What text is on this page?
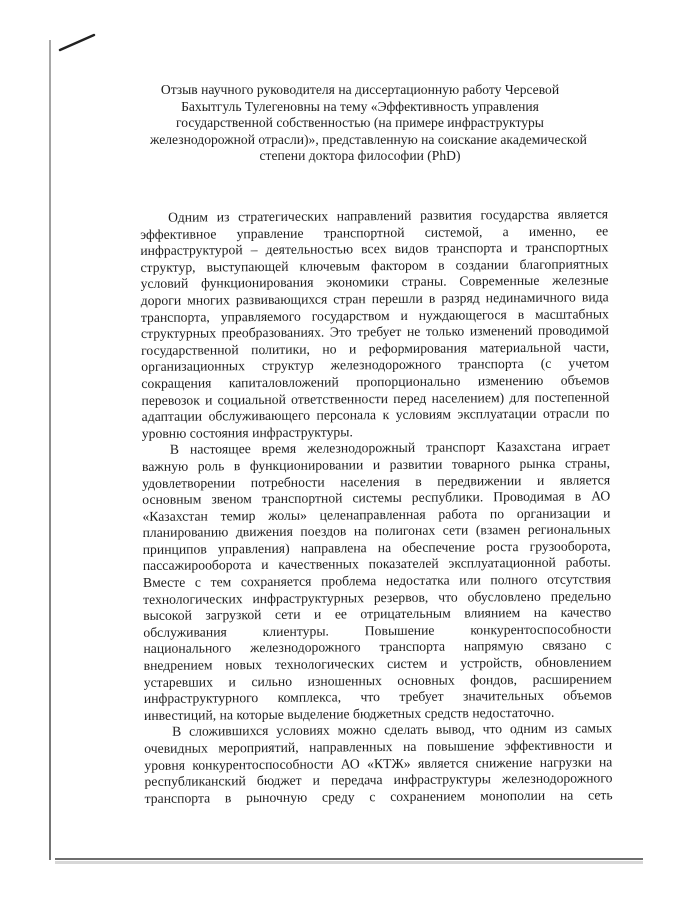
Отзыв научного руководителя на диссертационную работу Черсевой
Бахытгуль Тулегеновны на тему «Эффективность управления
государственной собственностью (на примере инфраструктуры
железнодорожной отрасли)», представленную на соискание академической
степени доктора философии (PhD)
Одним из стратегических направлений развития государства является
эффективное управление транспортной системой, а именно, ее
инфраструктурой – деятельностью всех видов транспорта и транспортных
структур, выступающей ключевым фактором в создании благоприятных
условий функционирования экономики страны. Современные железные
дороги многих развивающихся стран перешли в разряд нединамичного вида
транспорта, управляемого государством и нуждающегося в масштабных
структурных преобразованиях. Это требует не только изменений проводимой
государственной политики, но и реформирования материальной части,
организационных структур железнодорожного транспорта (с учетом
сокращения капиталовложений пропорционально изменению объемов
перевозок и социальной ответственности перед населением) для постепенной
адаптации обслуживающего персонала к условиям эксплуатации отрасли по
уровню состояния инфраструктуры.
В настоящее время железнодорожный транспорт Казахстана играет
важную роль в функционировании и развитии товарного рынка страны,
удовлетворении потребности населения в передвижении и является
основным звеном транспортной системы республики. Проводимая в АО
«Казахстан темир жолы» целенаправленная работа по организации и
планированию движения поездов на полигонах сети (взамен региональных
принципов управления) направлена на обеспечение роста грузооборота,
пассажирооборота и качественных показателей эксплуатационной работы.
Вместе с тем сохраняется проблема недостатка или полного отсутствия
технологических инфраструктурных резервов, что обусловлено предельно
высокой загрузкой сети и ее отрицательным влиянием на качество
обслуживания клиентуры. Повышение конкурентоспособности
национального железнодорожного транспорта напрямую связано с
внедрением новых технологических систем и устройств, обновлением
устаревших и сильно изношенных основных фондов, расширением
инфраструктурного комплекса, что требует значительных объемов
инвестиций, на которые выделение бюджетных средств недостаточно.
В сложившихся условиях можно сделать вывод, что одним из самых
очевидных мероприятий, направленных на повышение эффективности и
уровня конкурентоспособности АО «КТЖ» является снижение нагрузки на
республиканский бюджет и передача инфраструктуры железнодорожного
транспорта в рыночную среду с сохранением монополии на сеть
